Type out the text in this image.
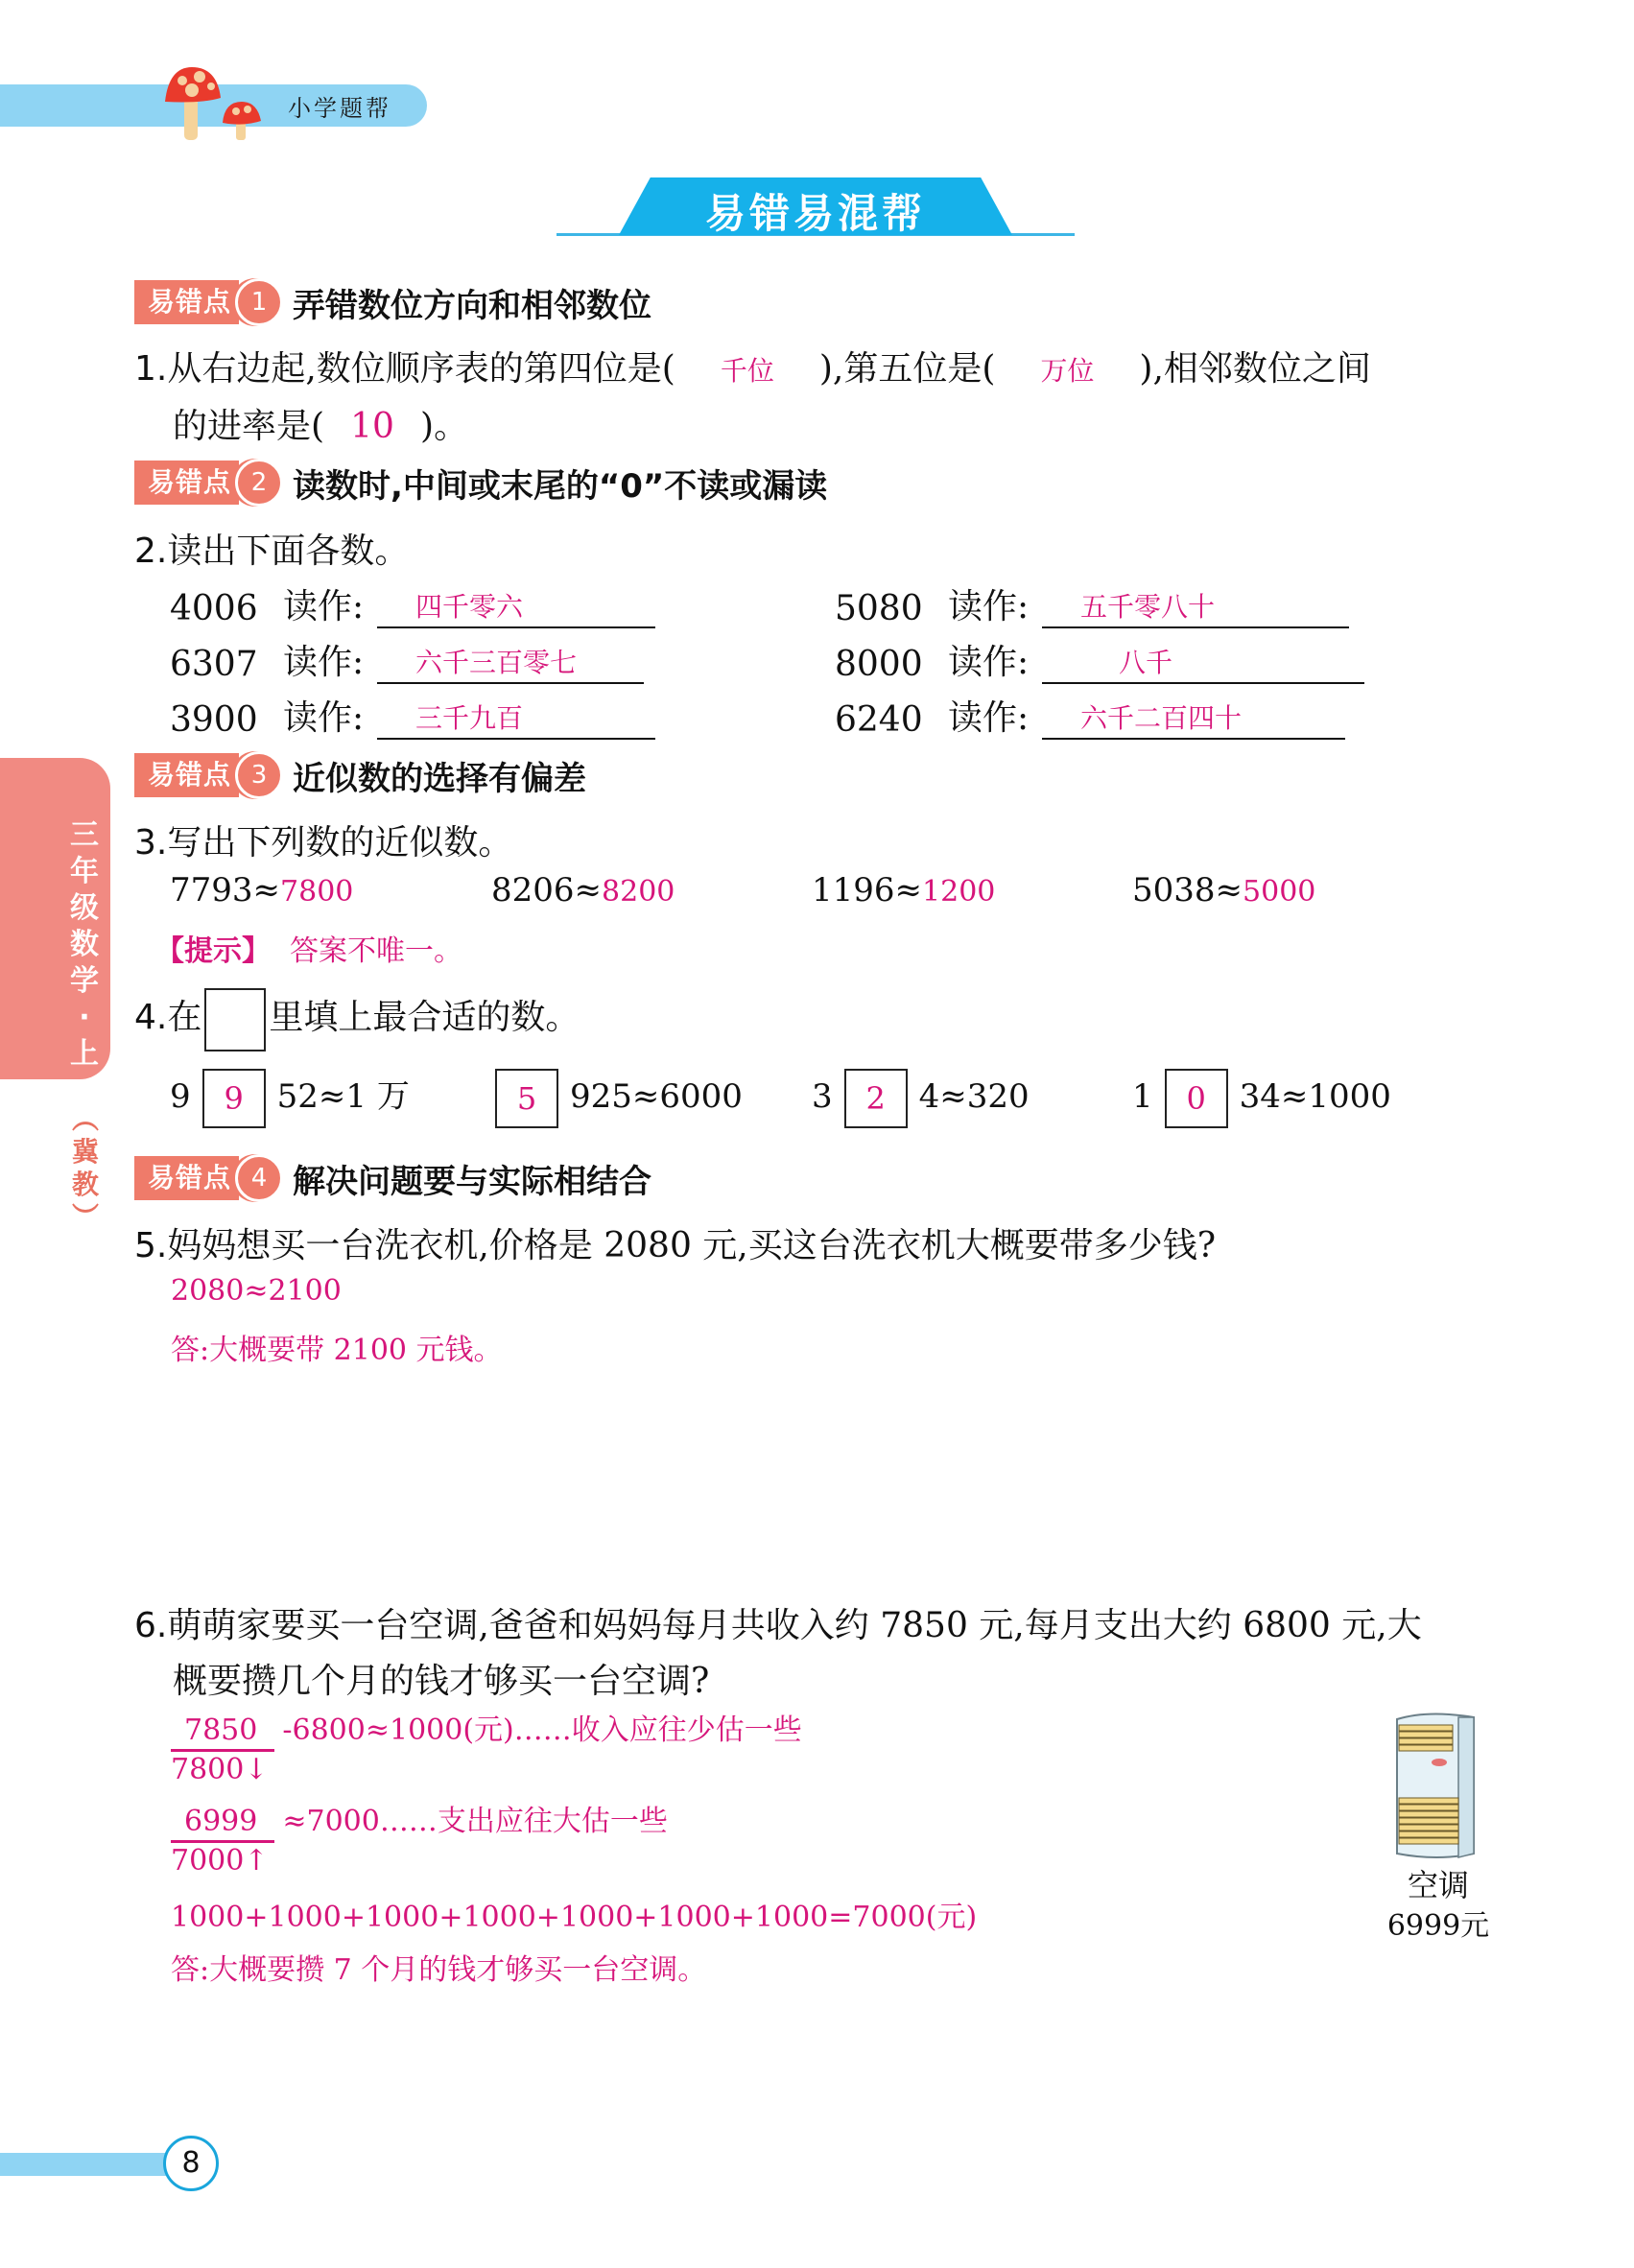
小学题帮
易错易混帮
三
年
级
数
学
·
上
︵
冀
教
︶
易错点 1 弄错数位方向和相邻数位
1.从右边起,数位顺序表的第四位是( 千位 ),第五位是( 万位 ),相邻数位之间
的进率是( 10 )。
易错点 2 读数时,中间或末尾的“0”不读或漏读
2.读出下面各数。
4006 读作:	四千零六	5080 读作:	五千零八十
6307 读作:	六千三百零七	8000 读作:	八千
3900 读作:	三千九百	6240 读作:	六千二百四十
易错点 3 近似数的选择有偏差
3.写出下列数的近似数。
7793≈7800	8206≈8200	1196≈1200	5038≈5000
【提示】 答案不唯一。
4.在 里填上最合适的数。
9 9 52≈1 万	5 925≈6000 3 2 4≈320	1 0 34≈1000
易错点 4 解决问题要与实际相结合
5.妈妈想买一台洗衣机,价格是 2080 元,买这台洗衣机大概要带多少钱?
2080≈2100
答:大概要带 2100 元钱。
6.萌萌家要买一台空调,爸爸和妈妈每月共收入约 7850 元,每月支出大约 6800 元,大
概要攒几个月的钱才够买一台空调?
$\frac{7850}{7800↓} -6800\approx 1000$(元)……收入应往少估一些
$\frac{6999}{7000↑}$ ≈7000……支出应往大估一些
1000+1000+1000+1000+1000+1000+1000=7000(元)
答:大概要攒 7 个月的钱才够买一台空调。
空调
6999元
8
